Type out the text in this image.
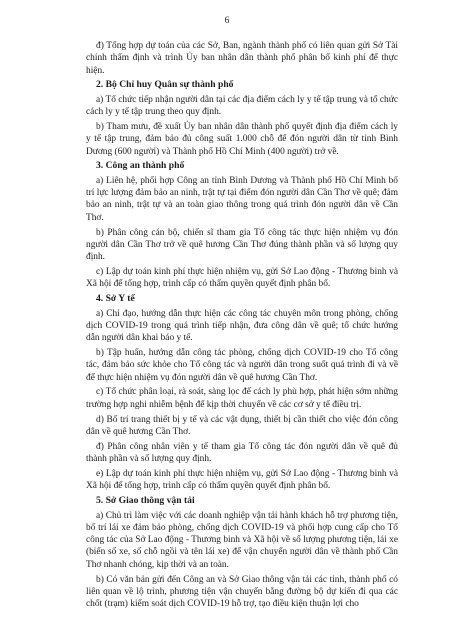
6

đ) Tổng hợp dự toán của các Sở, Ban, ngành thành phố có liên quan gửi Sở Tài chính thẩm định và trình Ủy ban nhân dân thành phố phân bổ kinh phí để thực hiện.

2. Bộ Chỉ huy Quân sự thành phố

a) Tổ chức tiếp nhận người dân tại các địa điểm cách ly y tế tập trung và tổ chức cách ly y tế tập trung theo quy định.

b) Tham mưu, đề xuất Ủy ban nhân dân thành phố quyết định địa điểm cách ly y tế tập trung, đảm bảo đủ công suất 1.000 chỗ để đón người dân từ tỉnh Bình Dương (600 người) và Thành phố Hồ Chí Minh (400 người) trở về.

3. Công an thành phố

a) Liên hệ, phối hợp Công an tỉnh Bình Dương và Thành phố Hồ Chí Minh bố trí lực lượng đảm bảo an ninh, trật tự tại điểm đón người dân Cần Thơ về quê; đảm bảo an ninh, trật tự và an toàn giao thông trong quá trình đón người dân về Cần Thơ.

b) Phân công cán bộ, chiến sĩ tham gia Tổ công tác thực hiện nhiệm vụ đón người dân Cần Thơ trở về quê hương Cần Thơ đúng thành phần và số lượng quy định.

c) Lập dự toán kinh phí thực hiện nhiệm vụ, gửi Sở Lao động - Thương binh và Xã hội để tổng hợp, trình cấp có thẩm quyền quyết định phân bổ.

4. Sở Y tế

a) Chỉ đạo, hướng dẫn thực hiện các công tác chuyên môn trong phòng, chống dịch COVID-19 trong quá trình tiếp nhận, đưa công dân về quê; tổ chức hướng dẫn người dân khai báo y tế.

b) Tập huấn, hướng dẫn công tác phòng, chống dịch COVID-19 cho Tổ công tác, đảm bảo sức khỏe cho Tổ công tác và người dân trong suốt quá trình đi và về để thực hiện nhiệm vụ đón người dân về quê hương Cần Thơ.

c) Tổ chức phân loại, rà soát, sàng lọc để cách ly phù hợp, phát hiện sớm những trường hợp nghi nhiễm bệnh để kịp thời chuyển về các cơ sở y tế điều trị.

d) Bố trí trang thiết bị y tế và các vật dụng, thiết bị cần thiết cho việc đón công dân về quê hương Cần Thơ.

đ) Phân công nhân viên y tế tham gia Tổ công tác đón người dân về quê đủ thành phần và số lượng quy định.

e) Lập dự toán kinh phí thực hiện nhiệm vụ, gửi Sở Lao động - Thương binh và Xã hội để tổng hợp, trình cấp có thẩm quyền quyết định phân bổ.

5. Sở Giao thông vận tải

a) Chủ trì làm việc với các doanh nghiệp vận tải hành khách hỗ trợ phương tiện, bố trí lái xe đảm bảo phòng, chống dịch COVID-19 và phối hợp cung cấp cho Tổ công tác của Sở Lao động - Thương binh và Xã hội về số lượng phương tiện, lái xe (biển số xe, số chỗ ngồi và tên lái xe) để vận chuyển người dân về thành phố Cần Thơ nhanh chóng, kịp thời và an toàn.

b) Có văn bản gửi đến Công an và Sở Giao thông vận tải các tỉnh, thành phố có liên quan về lộ trình, phương tiện vận chuyển bằng đường bộ dự kiến đi qua các chốt (trạm) kiểm soát dịch COVID-19 hỗ trợ, tạo điều kiện thuận lợi cho
